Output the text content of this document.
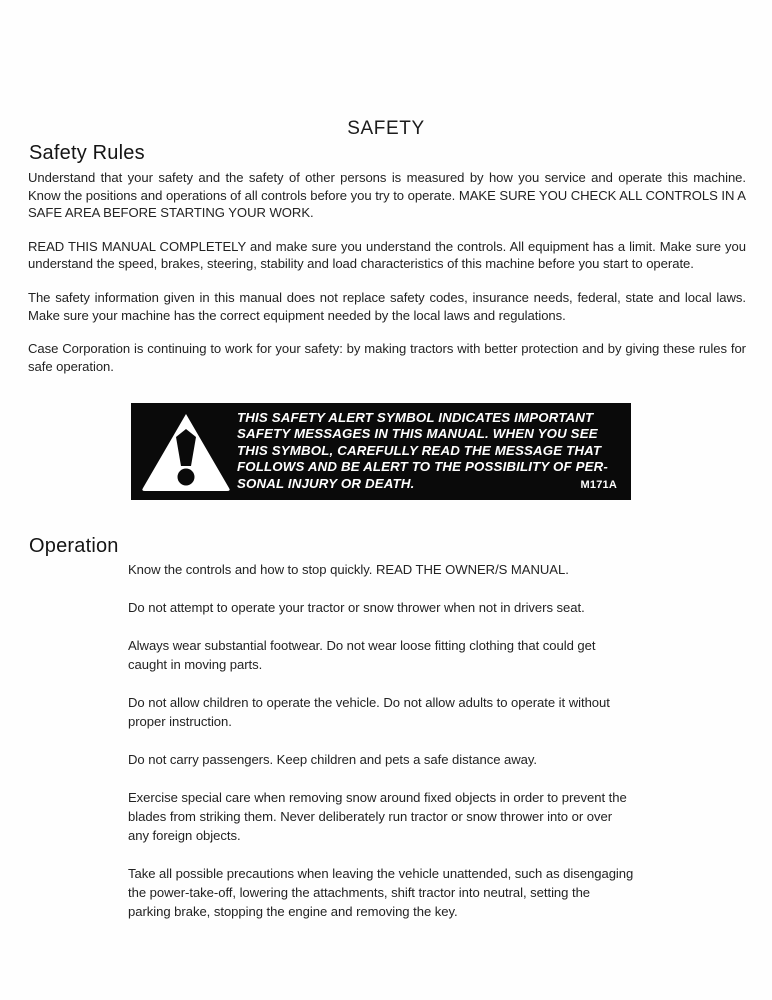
SAFETY
Safety Rules

Understand that your safety and the safety of other persons is measured by how you service and operate this machine. Know the positions and operations of all controls before you try to operate. MAKE SURE YOU CHECK ALL CONTROLS IN A SAFE AREA BEFORE STARTING YOUR WORK.

READ THIS MANUAL COMPLETELY and make sure you understand the controls. All equipment has a limit. Make sure you understand the speed, brakes, steering, stability and load characteristics of this machine before you start to operate.

The safety information given in this manual does not replace safety codes, insurance needs, federal, state and local laws. Make sure your machine has the correct equipment needed by the local laws and regulations.

Case Corporation is continuing to work for your safety: by making tractors with better protection and by giving these rules for safe operation.

THIS SAFETY ALERT SYMBOL INDICATES IMPORTANT
SAFETY MESSAGES IN THIS MANUAL. WHEN YOU SEE
THIS SYMBOL, CAREFULLY READ THE MESSAGE THAT
FOLLOWS AND BE ALERT TO THE POSSIBILITY OF PER-
SONAL INJURY OR DEATH.	M171A
Operation

Know the controls and how to stop quickly. READ THE OWNER/S MANUAL.

Do not attempt to operate your tractor or snow thrower when not in drivers seat.

Always wear substantial footwear. Do not wear loose fitting clothing that could get caught in moving parts.

Do not allow children to operate the vehicle. Do not allow adults to operate it without proper instruction.

Do not carry passengers. Keep children and pets a safe distance away.

Exercise special care when removing snow around fixed objects in order to prevent the blades from striking them. Never deliberately run tractor or snow thrower into or over any foreign objects.

Take all possible precautions when leaving the vehicle unattended, such as disengaging the power-take-off, lowering the attachments, shift tractor into neutral, setting the parking brake, stopping the engine and removing the key.
